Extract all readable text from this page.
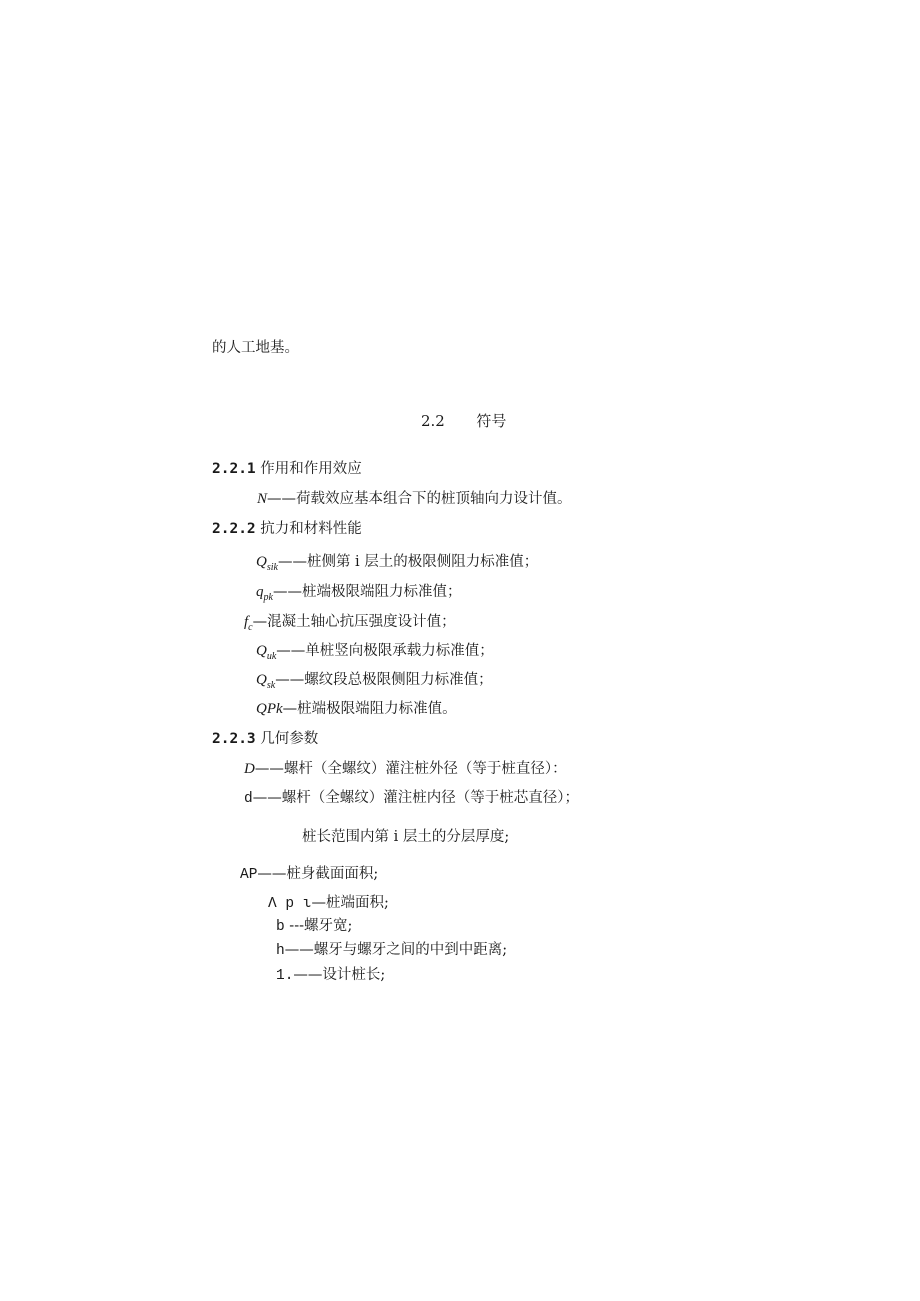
的人工地基。
2.2 符号
2.2.1 作用和作用效应
N——荷载效应基本组合下的桩顶轴向力设计值。
2.2.2 抗力和材料性能
$Q_{sik}——$桩侧第 i 层土的极限侧阻力标准值；
$q_{pk}——$桩端极限端阻力标准值；
$f_c—$混凝土轴心抗压强度设计值；
$Q_{uk}——$单桩竖向极限承载力标准值；
$Q_{sk}——$螺纹段总极限侧阻力标准值；
QPk—桩端极限端阻力标准值。
2.2.3 几何参数
D——螺杆（全螺纹）灌注桩外径（等于桩直径）：
d——螺杆（全螺纹）灌注桩内径（等于桩芯直径）；
桩长范围内第 i 层土的分层厚度;
AP——桩身截面面积;
Λ p ι—桩端面积;
b ---螺牙宽;
h——螺牙与螺牙之间的中到中距离;
1.——设计桩长;
